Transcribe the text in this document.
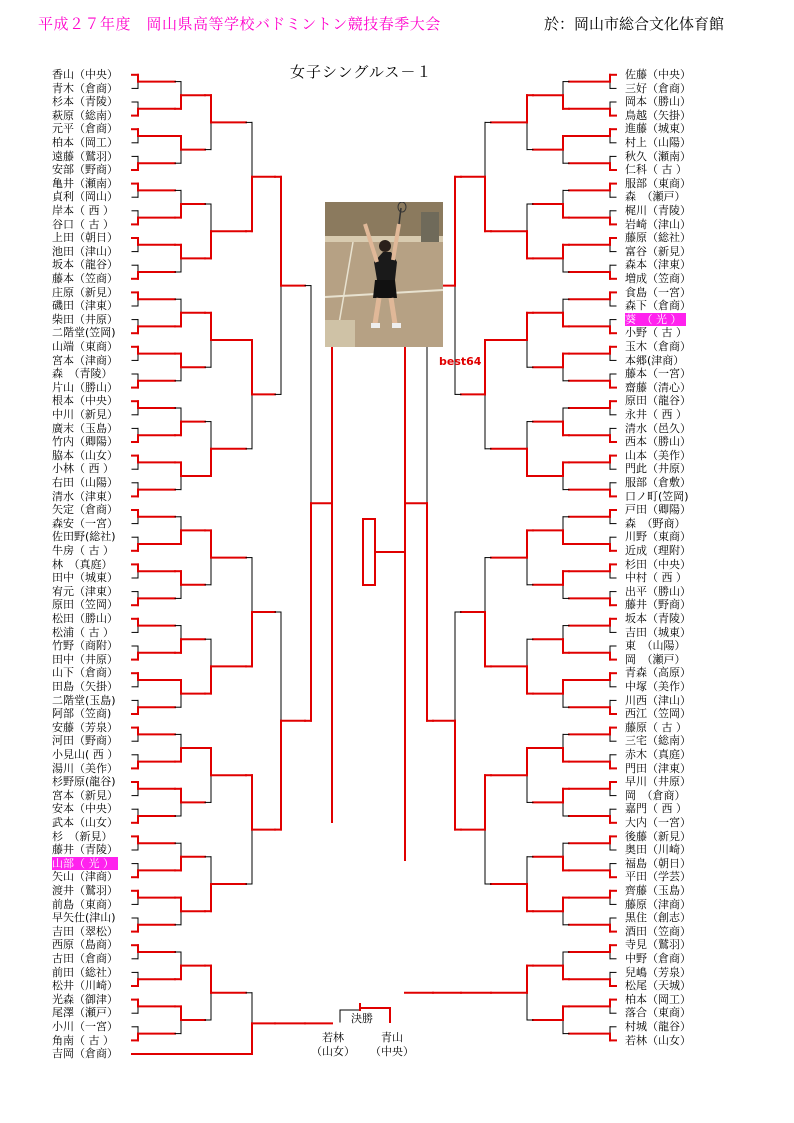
平成２７年度　岡山県高等学校バドミントン競技春季大会	於：岡山市総合文化体育館
女子シングルス－１
best64
決勝
若林
（山女）
青山
（中央）
香山（中央）
青木（倉商）
杉本（青陵）
萩原（総南）
元平（倉商）
柏本（岡工）
遠藤（鷲羽）
安部（野商）
亀井（瀬南）
貞利（岡山）
岸本（ 西 ）
谷口（ 古 ）
上田（朝日）
池田（津山）
坂本（龍谷）
藤本（笠商）
庄原（新見）
磯田（津東）
柴田（井原）
二階堂(笠岡)
山端（東商）
宮本（津商）
森　（青陵）
片山（勝山）
根本（中央）
中川（新見）
廣末（玉島）
竹内（卿陽）
脇本（山女）
小林（ 西 ）
右田（山陽）
清水（津東）
矢定（倉商）
森安（一宮）
佐田野(総社)
牛房（ 古 ）
林　（真庭）
田中（城東）
宥元（津東）
原田（笠岡）
松田（勝山）
松浦（ 古 ）
竹野（商附）
田中（井原）
山下（倉商）
田島（矢掛）
二階堂(玉島)
阿部（笠商)
安藤（芳泉）
河田（野商）
小見山( 西 ）
湯川（美作）
杉野原(龍谷)
宮本（新見）
安本（中央）
武本（山女）
杉　（新見）
藤井（青陵）
山部（ 光 ）
矢山（津商）
渡井（鷲羽）
前島（東商）
早矢仕(津山)
吉田（翠松）
西原（島商）
古田（倉商）
前田（総社）
松井（川崎）
光森（御津）
尾澤（瀬戸）
小川（一宮）
角南（ 古 ）
吉岡（倉商）
佐藤（中央）
三好（倉商）
岡本（勝山）
鳥越（矢掛）
進藤（城東）
村上（山陽）
秋久（瀬南）
仁科（ 古 ）
服部（東商）
森　（瀬戸）
梶川（青陵）
岩崎（津山）
藤原（総社）
富谷（新見）
森本（津東）
増成（笠商）
食島（一宮）
森下（倉商）
葵　（ 光 ）
小野（ 古 ）
玉木（倉商）
本郷(津商）
藤本（一宮）
齋藤（清心）
原田（龍谷）
永井（ 西 ）
清水（邑久）
西本（勝山）
山本（美作）
門此（井原）
服部（倉敷）
口ノ町(笠岡)
戸田（卿陽）
森　（野商）
川野（東商）
近成（理附）
杉田（中央）
中村（ 西 ）
出平（勝山）
藤井（野商）
坂本（青陵）
吉田（城東）
東　（山陽）
岡　（瀬戸）
青森（高原）
中塚（美作）
川西（津山）
西江（笠岡）
藤原（ 古 ）
三宅（総南）
赤木（真庭）
門田（津東）
早川（井原）
岡　（倉商）
嘉門（ 西 ）
大内（一宮）
後藤（新見）
奥田（川崎）
福島（朝日）
平田（学芸）
齊藤（玉島）
藤原（津商）
黒住（創志）
酒田（笠商）
寺見（鷲羽）
中野（倉商）
兒嶋（芳泉）
松尾（天城）
柏本（岡工）
落合（東商）
村城（龍谷）
若林（山女）
